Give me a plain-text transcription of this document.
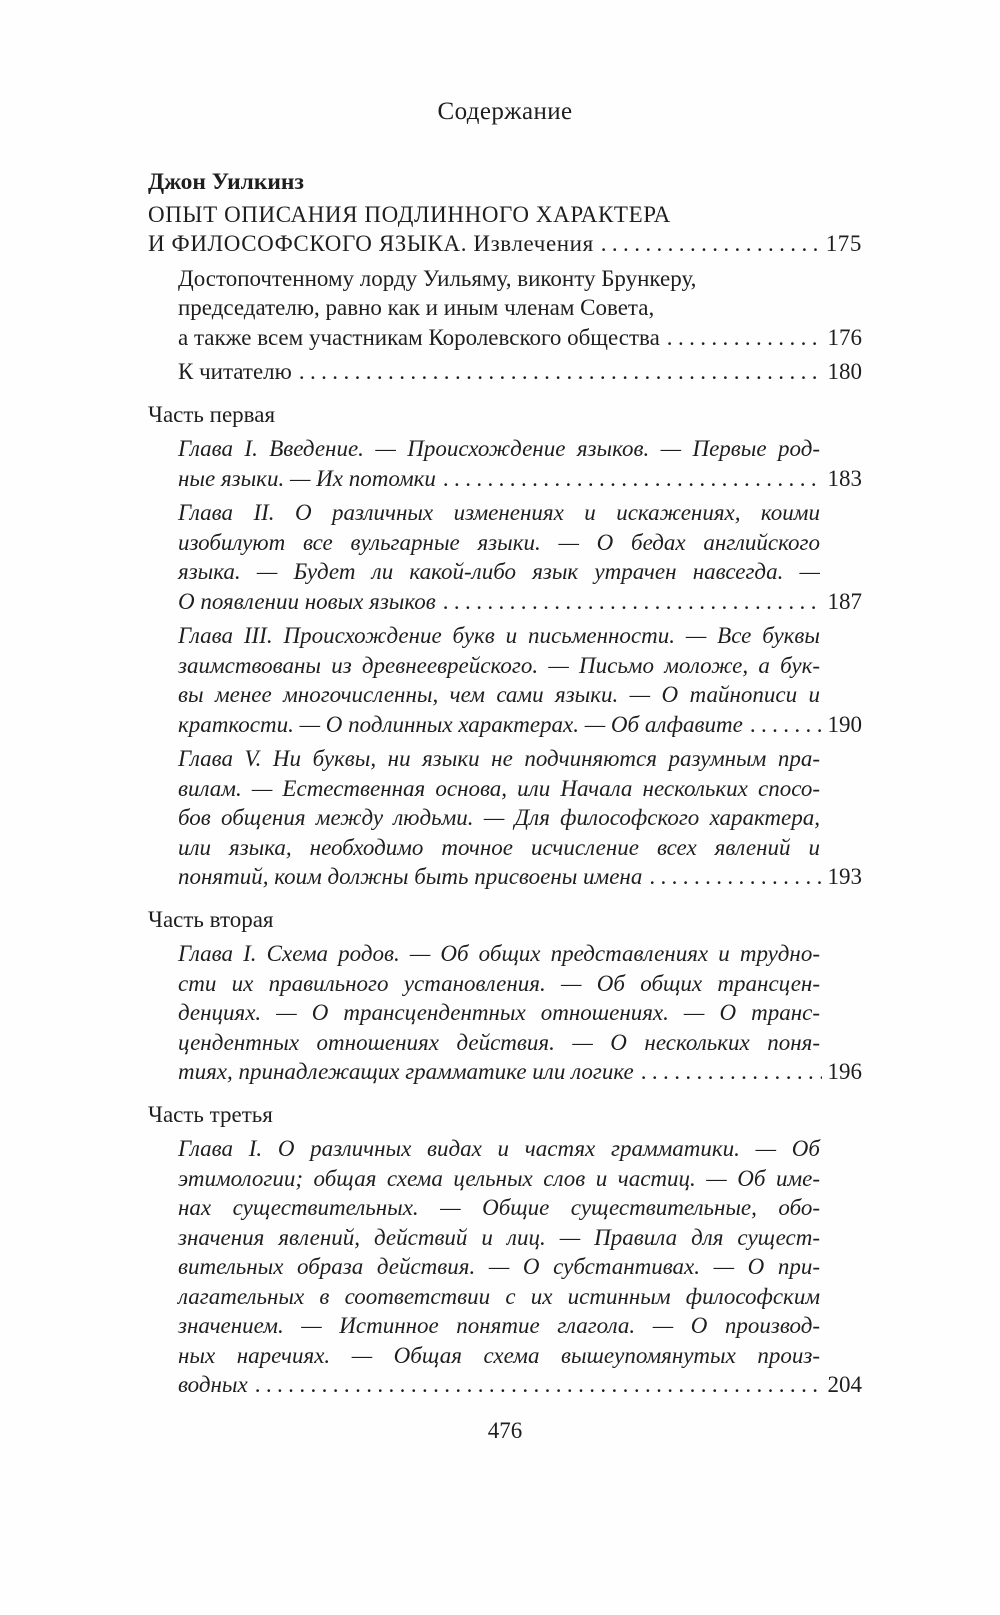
Содержание
Джон Уилкинз
ОПЫТ ОПИСАНИЯ ПОДЛИННОГО ХАРАКТЕРА
И ФИЛОСОФСКОГО ЯЗЫКА. Извлечения .....	175
Достопочтенному лорду Уильяму, виконту Брункеру,
председателю, равно как и иным членам Совета,
а также всем участникам Королевского общества .....	176
К читателю .....	180
Часть первая
Глава I. Введение. — Происхождение языков. — Первые род-
ные языки. — Их потомки .....	183
Глава II. О различных изменениях и искажениях, коими
изобилуют все вульгарные языки. — О бедах английского
языка. — Будет ли какой-либо язык утрачен навсегда. —
О появлении новых языков .....	187
Глава III. Происхождение букв и письменности. — Все буквы
заимствованы из древнееврейского. — Письмо моложе, а бук-
вы менее многочисленны, чем сами языки. — О тайнописи и
краткости. — О подлинных характерах. — Об алфавите .....	190
Глава V. Ни буквы, ни языки не подчиняются разумным пра-
вилам. — Естественная основа, или Начала нескольких спосо-
бов общения между людьми. — Для философского характера,
или языка, необходимо точное исчисление всех явлений и
понятий, коим должны быть присвоены имена .....	193
Часть вторая
Глава I. Схема родов. — Об общих представлениях и трудно-
сти их правильного установления. — Об общих трансцен-
денциях. — О трансцендентных отношениях. — О транс-
цендентных отношениях действия. — О нескольких поня-
тиях, принадлежащих грамматике или логике .....	196
Часть третья
Глава I. О различных видах и частях грамматики. — Об
этимологии; общая схема цельных слов и частиц. — Об име-
нах существительных. — Общие существительные, обо-
значения явлений, действий и лиц. — Правила для сущест-
вительных образа действия. — О субстантивах. — О при-
лагательных в соответствии с их истинным философским
значением. — Истинное понятие глагола. — О производ-
ных наречиях. — Общая схема вышеупомянутых произ-
водных .....	204
476
